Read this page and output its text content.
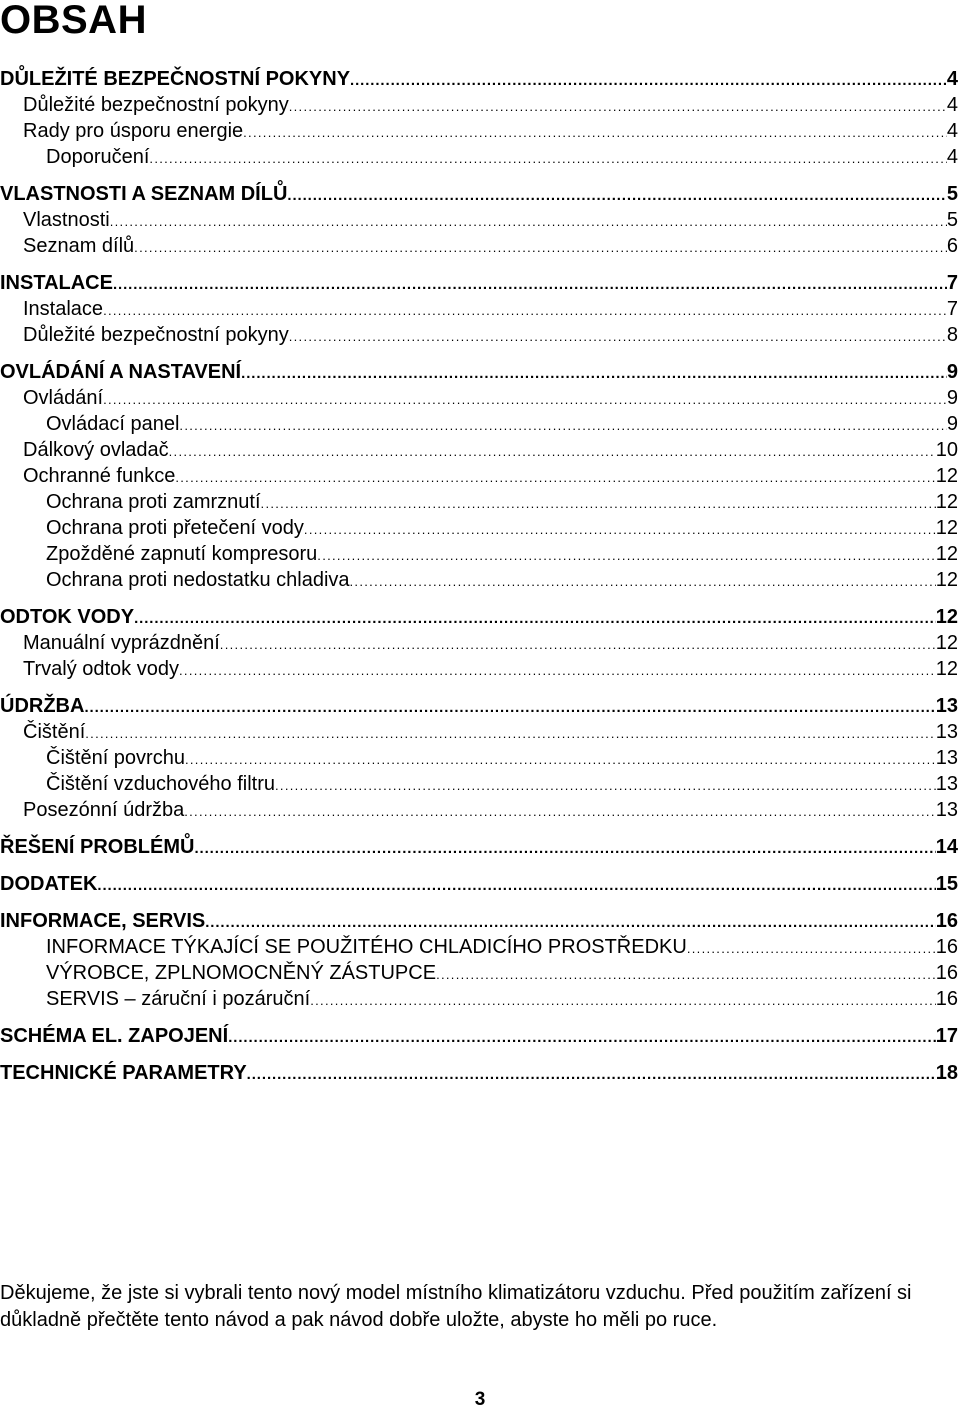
OBSAH
DŮLEŽITÉ BEZPEČNOSTNÍ POKYNY .....	4
Důležité bezpečnostní pokyny .....	4
Rady pro úsporu energie .....	4
Doporučení .....	4
VLASTNOSTI A SEZNAM DÍLŮ .....	5
Vlastnosti .....	5
Seznam dílů .....	6
INSTALACE .....	7
Instalace .....	7
Důležité bezpečnostní pokyny .....	8
OVLÁDÁNÍ A NASTAVENÍ .....	9
Ovládání .....	9
Ovládací panel .....	9
Dálkový ovladač .....	10
Ochranné funkce .....	12
Ochrana proti zamrznutí .....	12
Ochrana proti přetečení vody .....	12
Zpožděné zapnutí kompresoru .....	12
Ochrana proti nedostatku chladiva .....	12
ODTOK VODY .....	12
Manuální vyprázdnění .....	12
Trvalý odtok vody .....	12
ÚDRŽBA .....	13
Čištění .....	13
Čištění povrchu .....	13
Čištění vzduchového filtru .....	13
Posezónní údržba .....	13
ŘEŠENÍ PROBLÉMŮ .....	14
DODATEK .....	15
INFORMACE, SERVIS .....	16
INFORMACE TÝKAJÍCÍ SE POUŽITÉHO CHLADICÍHO PROSTŘEDKU .....	16
VÝROBCE, ZPLNOMOCNĚNÝ ZÁSTUPCE .....	16
SERVIS – záruční i pozáruční .....	16
SCHÉMA EL. ZAPOJENÍ .....	17
TECHNICKÉ PARAMETRY .....	18

Děkujeme, že jste si vybrali tento nový model místního klimatizátoru vzduchu. Před použitím zařízení si důkladně přečtěte tento návod a pak návod dobře uložte, abyste ho měli po ruce.

3
